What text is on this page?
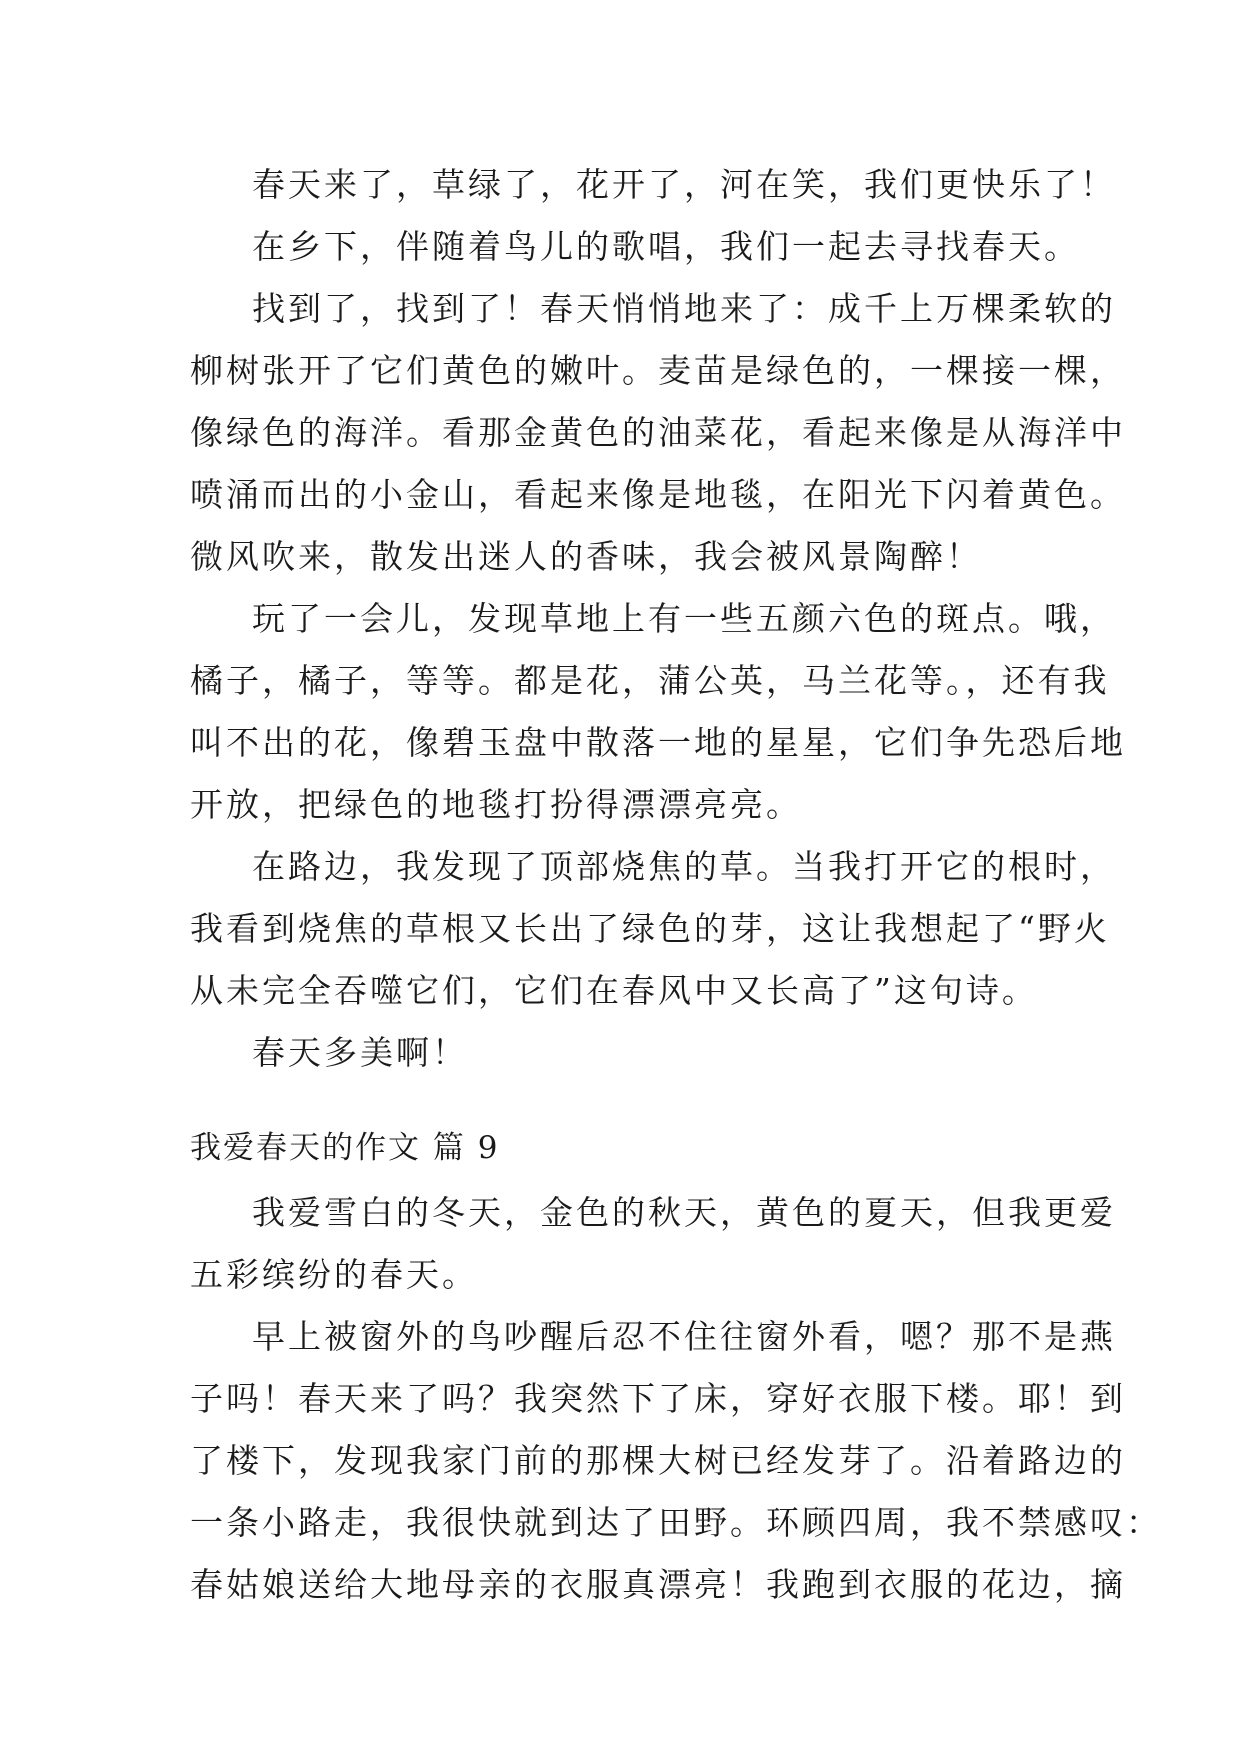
春天来了，草绿了，花开了，河在笑，我们更快乐了！
在乡下，伴随着鸟儿的歌唱，我们一起去寻找春天。
找到了，找到了！春天悄悄地来了：成千上万棵柔软的
柳树张开了它们黄色的嫩叶。麦苗是绿色的，一棵接一棵，
像绿色的海洋。看那金黄色的油菜花，看起来像是从海洋中
喷涌而出的小金山，看起来像是地毯，在阳光下闪着黄色。
微风吹来，散发出迷人的香味，我会被风景陶醉！
玩了一会儿，发现草地上有一些五颜六色的斑点。哦，
橘子，橘子，等等。都是花，蒲公英，马兰花等。，还有我
叫不出的花，像碧玉盘中散落一地的星星，它们争先恐后地
开放，把绿色的地毯打扮得漂漂亮亮。
在路边，我发现了顶部烧焦的草。当我打开它的根时，
我看到烧焦的草根又长出了绿色的芽，这让我想起了“野火
从未完全吞噬它们，它们在春风中又长高了”这句诗。
春天多美啊！
我爱春天的作文 篇 9
我爱雪白的冬天，金色的秋天，黄色的夏天，但我更爱
五彩缤纷的春天。
早上被窗外的鸟吵醒后忍不住往窗外看，嗯？那不是燕
子吗！春天来了吗？我突然下了床，穿好衣服下楼。耶！到
了楼下，发现我家门前的那棵大树已经发芽了。沿着路边的
一条小路走，我很快就到达了田野。环顾四周，我不禁感叹：
春姑娘送给大地母亲的衣服真漂亮！我跑到衣服的花边，摘
